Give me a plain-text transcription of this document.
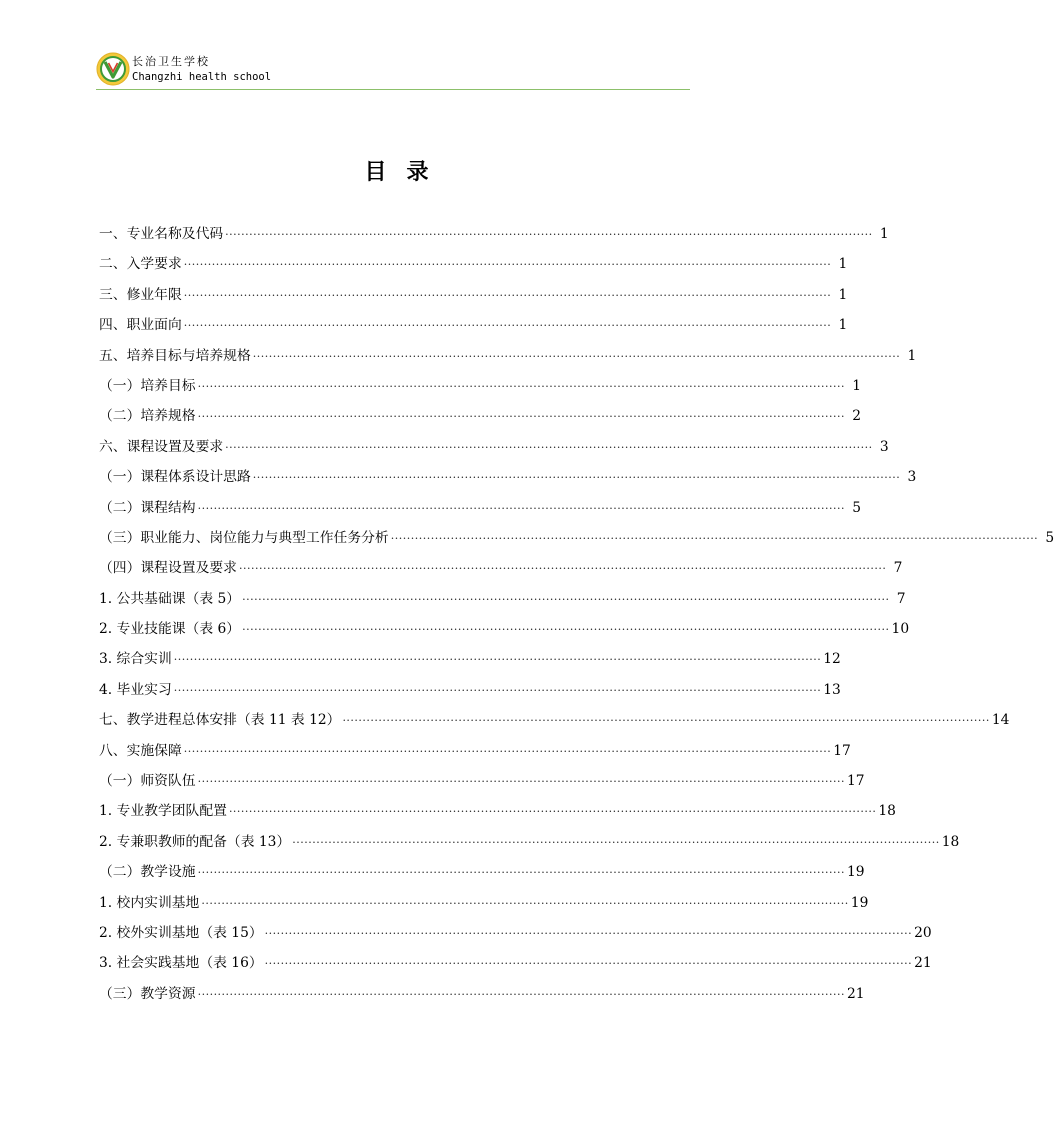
长治卫生学校
Changzhi health school
目录
一、专业名称及代码 ·································································································································································· 1
二、入学要求 ·································································································································································· 1
三、修业年限 ·································································································································································· 1
四、职业面向 ·································································································································································· 1
五、培养目标与培养规格 ·································································································································································· 1
（一）培养目标 ·································································································································································· 1
（二）培养规格 ·································································································································································· 2
六、课程设置及要求 ·································································································································································· 3
（一）课程体系设计思路 ·································································································································································· 3
（二）课程结构 ·································································································································································· 5
（三）职业能力、岗位能力与典型工作任务分析 ·································································································································································· 5
（四）课程设置及要求 ·································································································································································· 7
1. 公共基础课（表 5） ·································································································································································· 7
2. 专业技能课（表 6） ·································································································································································· 10
3. 综合实训 ·································································································································································· 12
4. 毕业实习 ·································································································································································· 13
七、教学进程总体安排（表 11 表 12） ·································································································································································· 14
八、实施保障 ·································································································································································· 17
（一）师资队伍 ·································································································································································· 17
1. 专业教学团队配置 ·································································································································································· 18
2. 专兼职教师的配备（表 13） ·································································································································································· 18
（二）教学设施 ·································································································································································· 19
1. 校内实训基地 ·································································································································································· 19
2. 校外实训基地（表 15） ·································································································································································· 20
3. 社会实践基地（表 16） ·································································································································································· 21
（三）教学资源 ·································································································································································· 21
